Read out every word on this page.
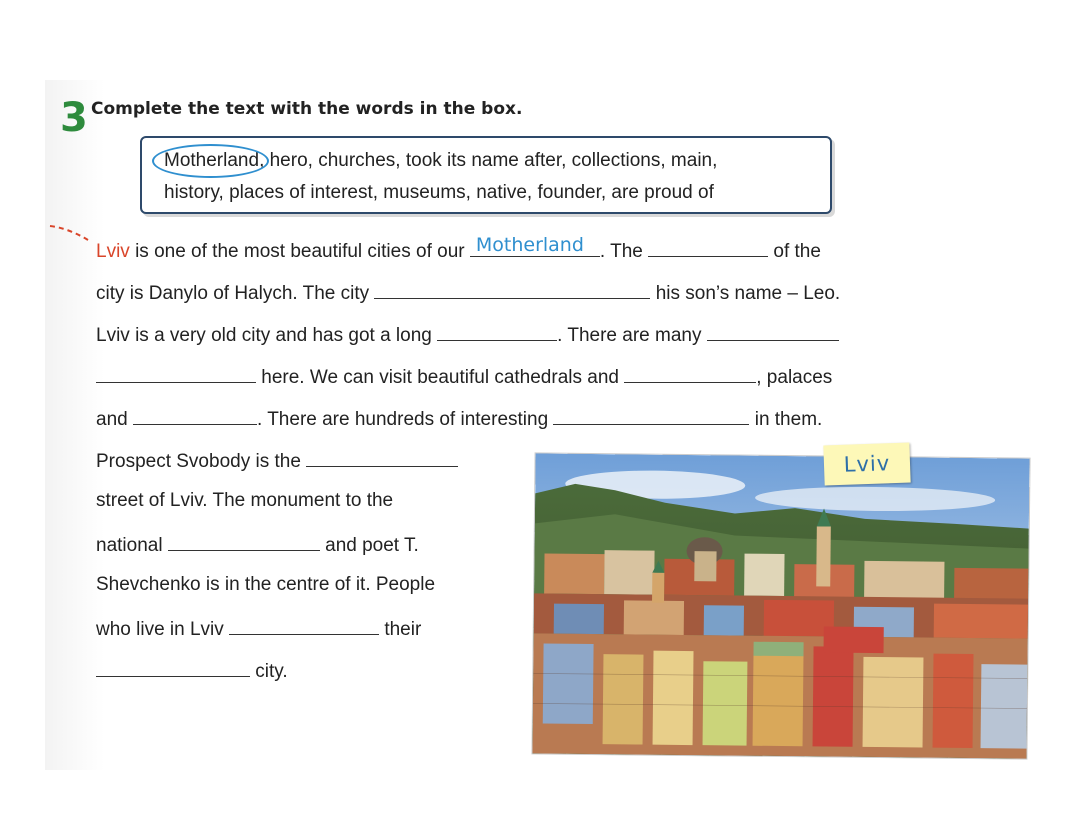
3 Complete the text with the words in the box.
Motherland, hero, churches, took its name after, collections, main,
history, places of interest, museums, native, founder, are proud of
Lviv is one of the most beautiful cities of our Motherland . The	of the
city is Danylo of Halych. The city	his son’s name – Leo.
Lviv is a very old city and has got a long	. There are many
here. We can visit beautiful cathedrals and	, palaces
and	. There are hundreds of interesting	in them.
Prospect Svobody is the
street of Lviv. The monument to the
national	and poet T.
Shevchenko is in the centre of it. People
who live in Lviv	their
city.
Lviv
